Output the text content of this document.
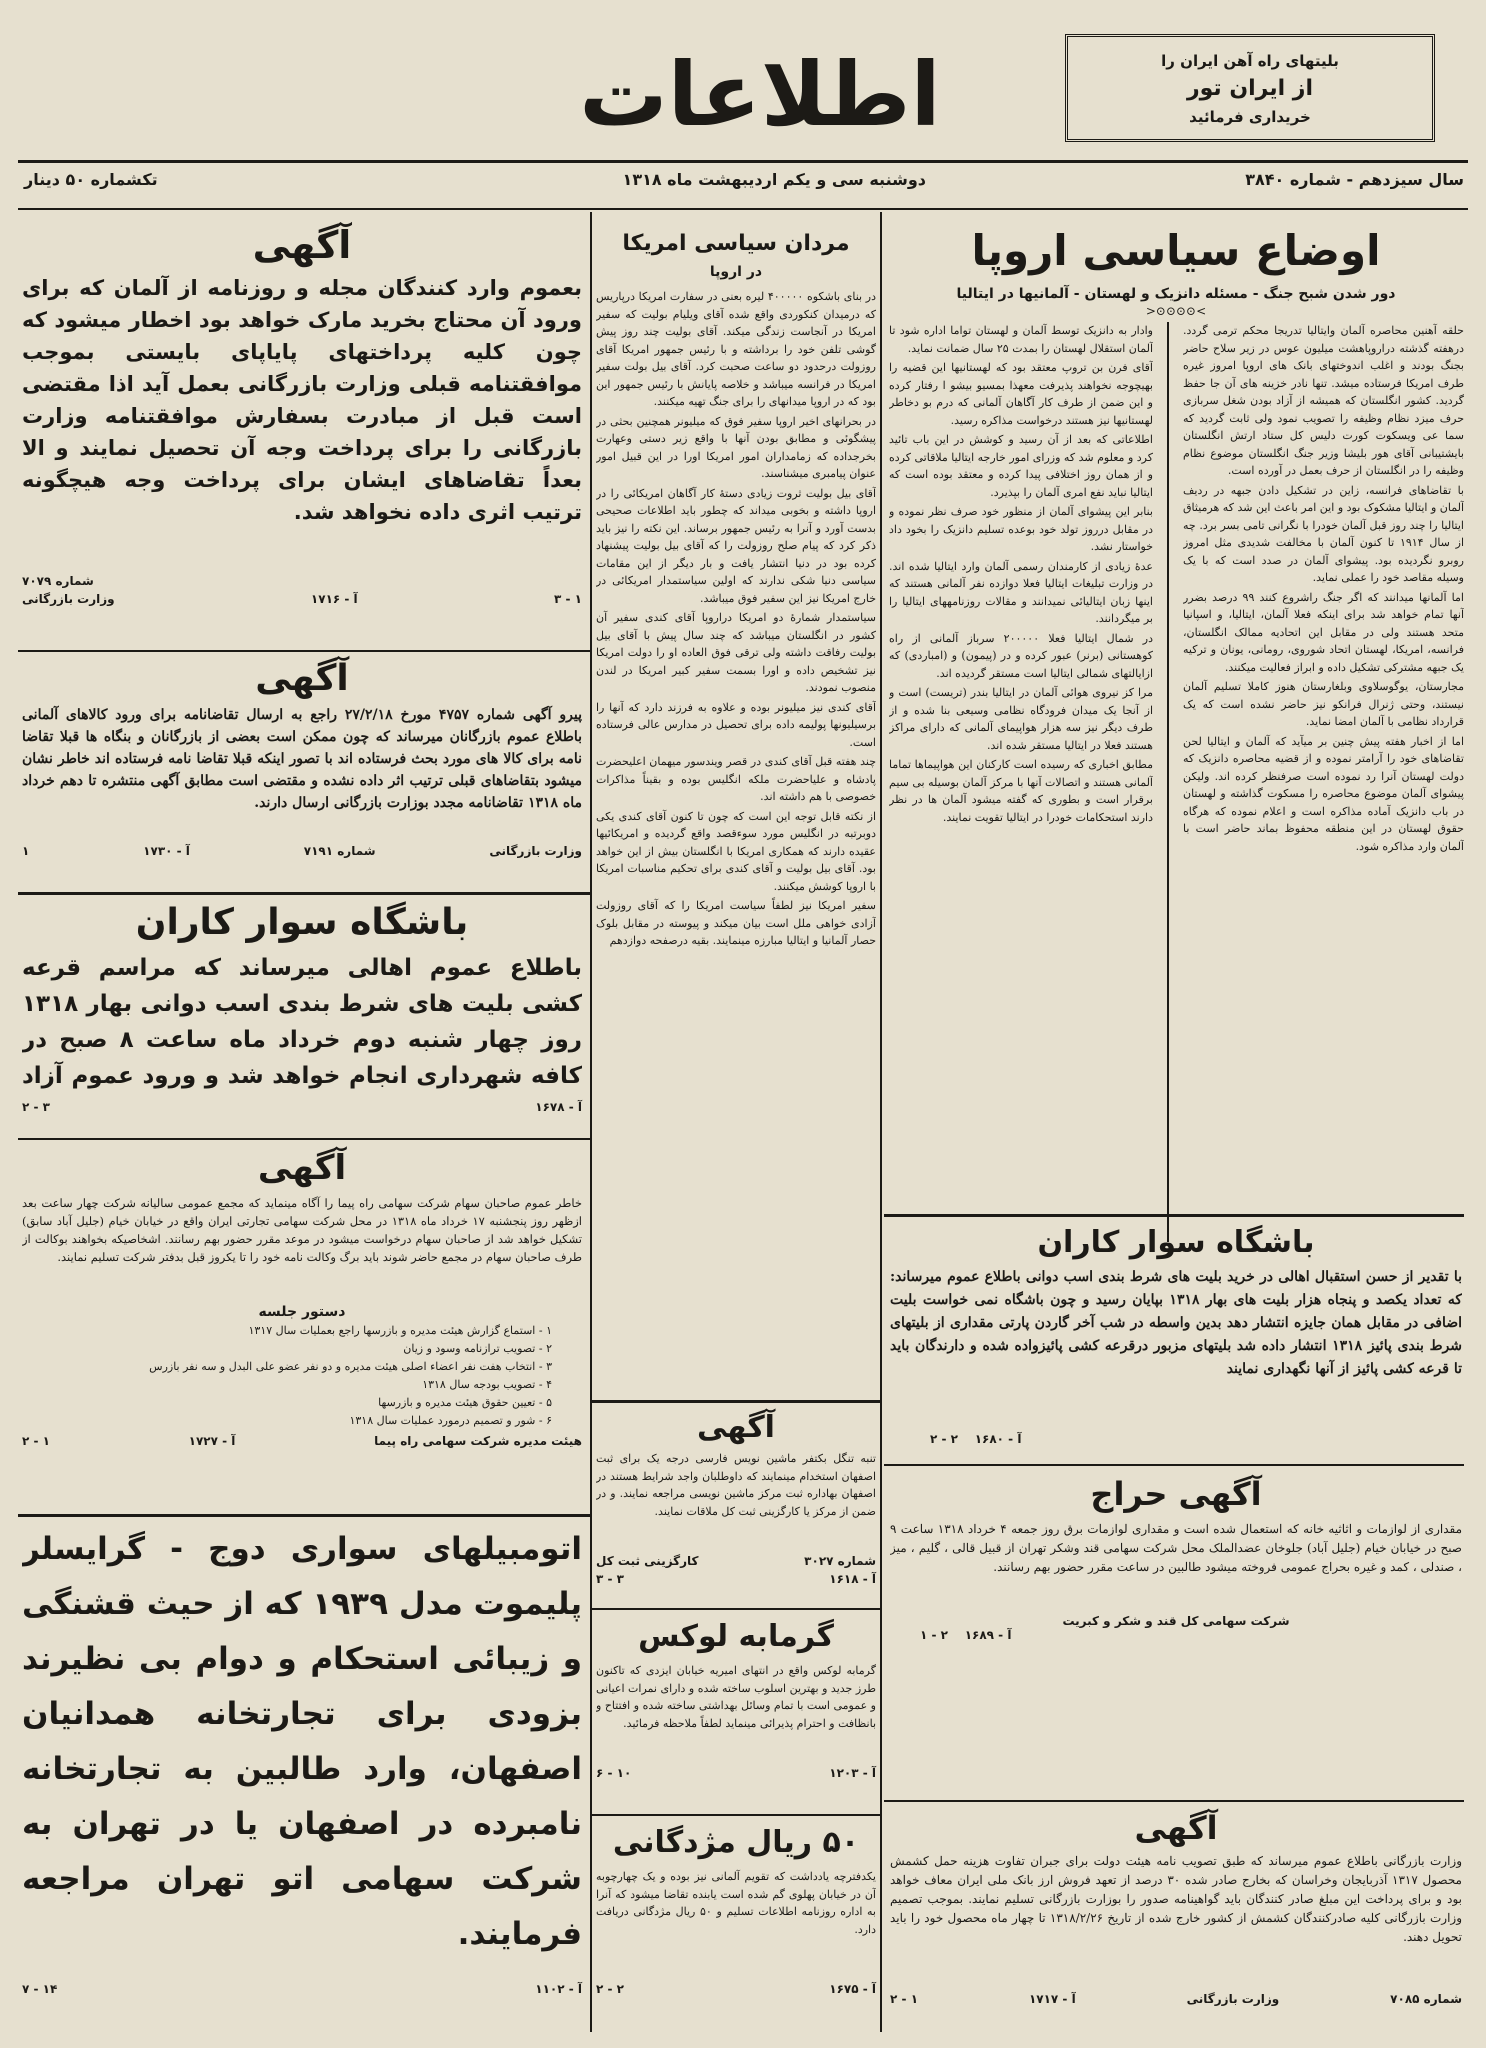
اطلاعات	بلیتهای راه آهن ایران را
از ایران تور
خریداری فرمائید
سال سیزدهم - شماره ۳۸۴۰
دوشنبه سی و یکم اردیبهشت ماه ۱۳۱۸
تکشماره ۵۰ دینار
اوضاع سیاسی اروپا
دور شدن شبح جنگ - مسئله دانزیک و لهستان - آلمانیها در ایتالیا
>⊙⊙⊙⊙<

حلقه آهنین محاصره آلمان وایتالیا تدریجا محکم ترمی گردد. درهفته گذشته دراروپاهشت میلیون عوس در زیر سلاح حاضر بجنگ بودند و اغلب اندوختهای بانک های اروپا امروز غیره طرف امریکا فرستاده میشد. تنها نادر خزینه های آن جا حفظ گردید. کشور انگلستان که همیشه از آزاد بودن شغل سربازی حرف میزد نظام وظیفه را تصویب نمود ولی ثابت گردید که سما عی ویسکوت کورت دلیس کل ستاد ارتش انگلستان بایشتیبانی آقای هور بلیشا وزیر جنگ انگلستان موضوع نظام وظیفه را در انگلستان از حرف بعمل در آورده است.

با تقاضاهای فرانسه، زاین در تشکیل دادن جبهه در ردیف آلمان و ایتالیا مشکوک بود و این امر باعث این شد که هرمیثاق ایتالیا را چند روز قبل آلمان خودرا با نگرانی تامی بسر برد. چه از سال ۱۹۱۴ تا کنون آلمان با مخالفت شدیدی مثل امروز روبرو نگردیده بود. پیشوای آلمان در صدد است که با یک وسیله مقاصد خود را عملی نماید.

اما آلمانها میدانند که اگر جنگ راشروع کنند ۹۹ درصد بضرر آنها تمام خواهد شد برای اینکه فعلا آلمان، ایتالیا، و اسپانیا متحد هستند ولی در مقابل این اتحادیه ممالک انگلستان، فرانسه، امریکا، لهستان اتحاد شوروی، رومانی، یونان و ترکیه یک جبهه مشترکی تشکیل داده و ابراز فعالیت میکنند.

مجارستان، یوگوسلاوی وبلغارستان هنوز کاملا تسلیم آلمان نیستند، وحتی ژنرال فرانکو نیز حاضر نشده است که یک قرارداد نظامی با آلمان امضا نماید.

اما از اخبار هفته پیش چنین بر میآید که آلمان و ایتالیا لحن تقاضاهای خود را آرامتر نموده و از قضیه محاصره دانزیک که دولت لهستان آنرا رد نموده است صرفنظر کرده اند. ولیکن پیشوای آلمان موضوع محاصره را مسکوت گذاشته و لهستان در باب دانزیک آماده مذاکره است و اعلام نموده که هرگاه حقوق لهستان در این منطقه محفوظ بماند حاضر است با آلمان وارد مذاکره شود.

وادار به دانزیک توسط آلمان و لهستان تواما اداره شود تا آلمان استقلال لهستان را بمدت ۲۵ سال ضمانت نماید.

آقای فرن بن تروپ معتقد بود که لهستانیها این قضیه را بهیچوجه نخواهند پذیرفت معهذا بمسیو بیشو ا رفتار کرده و این ضمن از طرف کار آگاهان آلمانی که درم بو دخاطر لهستانیها نیز هستند درخواست مذاکره رسید.

اطلاعاتی که بعد از آن رسید و کوشش در این باب تائید کرد و معلوم شد که وزرای امور خارجه ایتالیا ملاقاتی کرده و از همان روز اختلافی پیدا کرده و معتقد بوده است که ایتالیا نباید نفع امری آلمان را بپذیرد.

بنابر این پیشوای آلمان از منظور خود صرف نظر نموده و در مقابل درروز تولد خود بوعده تسلیم دانزیک را بخود داد خواستار نشد.

عدۀ زیادی از کارمندان رسمی آلمان وارد ایتالیا شده اند. در وزارت تبلیغات ایتالیا فعلا دوازده نفر آلمانی هستند که اینها زبان ایتالیائی نمیدانند و مقالات روزنامههای ایتالیا را بر میگردانند.

در شمال ایتالیا فعلا ۲۰۰۰۰۰ سرباز آلمانی از راه کوهستانی (برنر) عبور کرده و در (پیمون) و (امباردی) که ازایالتهای شمالی ایتالیا است مستقر گردیده اند.

مرا کز نیروی هوائی آلمان در ایتالیا بندر (تریست) است و از آنجا یک میدان فرودگاه نظامی وسیعی بنا شده و از طرف دیگر نیز سه هزار هواپیمای آلمانی که دارای مراکز هستند فعلا در ایتالیا مستقر شده اند.

مطابق اخباری که رسیده است کارکنان این هواپیماها تماما آلمانی هستند و اتصالات آنها با مرکز آلمان بوسیله بی سیم برقرار است و بطوری که گفته میشود آلمان ها در نظر دارند استحکامات خودرا در ایتالیا تقویت نمایند.

باشگاه سوار کاران
با تقدیر از حسن استقبال اهالی در خرید بلیت های شرط بندی اسب دوانی باطلاع عموم میرساند: که تعداد یکصد و پنجاه هزار بلیت های بهار ۱۳۱۸ بپایان رسید و چون باشگاه نمی خواست بلیت اضافی در مقابل همان جایزه انتشار دهد بدین واسطه در شب آخر گاردن پارتی مقداری از بلیتهای شرط بندی پائیز ۱۳۱۸ انتشار داده شد بلیتهای مزبور درقرعه کشی پائیزواده شده و دارندگان باید تا قرعه کشی پائیز از آنها نگهداری نمایند
۲ - ۲ آ - ۱۶۸۰
آگهی حراج
مقداری از لوازمات و اثاثیه خانه که استعمال شده است و مقداری لوازمات برق روز جمعه ۴ خرداد ۱۳۱۸ ساعت ۹ صبح در خیابان خیام (جلیل آباد) جلوخان عضدالملک محل شرکت سهامی قند وشکر تهران از قبیل قالی ، گلیم ، میز ، صندلی ، کمد و غیره بحراج عمومی فروخته میشود طالبین در ساعت مقرر حضور بهم رسانند.
شرکت سهامی کل قند و شکر و کبریت
۱ - ۲ آ - ۱۶۸۹
آگهی
وزارت بازرگانی باطلاع عموم میرساند که طبق تصویب نامه هیئت دولت برای جبران تفاوت هزینه حمل کشمش محصول ۱۳۱۷ آذربایجان وخراسان که بخارج صادر شده ۳۰ درصد از تعهد فروش ارز بانک ملی ایران معاف خواهد بود و برای پرداخت این مبلغ صادر کنندگان باید گواهینامه صدور را بوزارت بازرگانی تسلیم نمایند. بموجب تصمیم وزارت بازرگانی کلیه صادرکنندگان کشمش از کشور خارج شده از تاریخ ۱۳۱۸/۲/۲۶ تا چهار ماه محصول خود را باید تحویل دهند.
شماره ۷۰۸۵
وزارت بازرگانی
آ - ۱۷۱۷
۱ - ۲
مردان سیاسی امریکا
در اروپا

در بنای باشکوه ۴۰۰۰۰۰ لیره بعنی در سفارت امریکا درپاریس که درمیدان کنکوردی واقع شده آقای ویلیام بولیت که سفیر امریکا در آنجاست زندگی میکند. آقای بولیت چند روز پیش گوشی تلفن خود را برداشته و با رئیس جمهور امریکا آقای روزولت درحدود دو ساعت صحبت کرد. آقای بیل بولت سفیر امریکا در فرانسه میباشد و خلاصه پایانش با رئیس جمهور این بود که در اروپا میدانهای را برای جنگ تهیه میکنند.

در بحرانهای اخیر اروپا سفیر فوق که میلیونر همچنین بحثی در پیشگوئی و مطابق بودن آنها با واقع زیر دستی وعهارت بخرجداده که زمامداران امور امریکا اورا در این قبیل امور عنوان پیامبری میشناسند.

آقای بیل بولیت ثروت زیادی دستهٔ کار آگاهان امریکائی را در اروپا داشته و بخوبی میداند که چطور باید اطلاعات صحیحی بدست آورد و آنرا به رئیس جمهور برساند. این نکته را نیز باید ذکر کرد که پیام صلح روزولت را که آقای بیل بولیت پیشنهاد کرده بود در دنیا انتشار یافت و بار دیگر از این مقامات سیاسی دنیا شکی ندارند که اولین سیاستمدار امریکائی در خارج امریکا نیز این سفیر فوق میباشد.

سیاستمدار شمارۀ دو امریکا دراروپا آقای کندی سفیر آن کشور در انگلستان میباشد که چند سال پیش با آقای بیل بولیت رفاقت داشته ولی ترقی فوق العاده او را دولت امریکا نیز تشخیص داده و اورا بسمت سفیر کبیر امریکا در لندن منصوب نمودند.

آقای کندی نیز میلیونر بوده و علاوه به فرزند دارد که آنها را برسیلیونها پولیمه داده برای تحصیل در مدارس عالی فرستاده است.

چند هفته قبل آقای کندی در قصر ویندسور میهمان اعلیحضرت پادشاه و علیاحضرت ملکه انگلیس بوده و بقیناً مذاکرات خصوصی با هم داشته اند.

از نکته قابل توجه این است که چون تا کنون آقای کندی یکی دوبرتبه در انگلیس مورد سوءقصد واقع گردیده و امریکائیها عقیده دارند که همکاری امریکا با انگلستان بیش از این خواهد بود. آقای بیل بولیت و آقای کندی برای تحکیم مناسبات امریکا با اروپا کوشش میکنند.

سفیر امریکا نیز لطفاً سیاست امریکا را که آقای روزولت آزادی خواهی ملل است بیان میکند و پیوسته در مقابل بلوک حصار آلمانیا و ایتالیا مبارزه مینمایند. بقیه درصفحه دوازدهم

آگهی
تنبه تنگل بکتفر ماشین نویس فارسی درجه یک برای ثبت اصفهان استخدام مینمایند که داوطلبان واجد شرایط هستند در اصفهان بهاداره ثبت مرکز ماشین نویسی مراجعه نمایند. و در ضمن از مرکز یا کارگزینی ثبت کل ملاقات نمایند.
شماره ۳۰۲۷
کارگزینی ثبت کل
آ - ۱۶۱۸
۳ - ۳
گرمابه لوکس
گرمابه لوکس واقع در انتهای امیریه خیابان ایزدی که تاکنون طرز جدید و بهترین اسلوب ساخته شده و دارای نمرات اعیانی و عمومی است با تمام وسائل بهداشتی ساخته شده و افتتاح و بانظافت و احترام پذیرائی مینماید لطفاً ملاحظه فرمائید.
۶ - ۱۰	آ - ۱۲۰۳
۵۰ ریال مژدگانی
یکدفترچه یادداشت که تقویم آلمانی نیز بوده و یک چهارچوبه آن در خیابان پهلوی گم شده است یابنده تقاضا میشود که آنرا به اداره روزنامه اطلاعات تسلیم و ۵۰ ریال مژدگانی دریافت دارد.
۲ - ۲	آ - ۱۶۷۵
آگهی
بعموم وارد کنندگان مجله و روزنامه از آلمان که برای ورود آن محتاج بخرید مارک خواهد بود اخطار میشود که چون کلیه پرداختهای پایاپای بایستی بموجب موافقتنامه قبلی وزارت بازرگانی بعمل آید اذا مقتضی است قبل از مبادرت بسفارش موافقتنامه وزارت بازرگانی را برای پرداخت وجه آن تحصیل نمایند و الا بعداً تقاضاهای ایشان برای پرداخت وجه هیچگونه ترتیب اثری داده نخواهد شد.
شماره ۷۰۷۹
۱ - ۳
آ - ۱۷۱۶
وزارت بازرگانی
آگهی
پیرو آگهی شماره ۴۷۵۷ مورخ ۲۷/۲/۱۸ راجع به ارسال تقاضانامه برای ورود کالاهای آلمانی باطلاع عموم بازرگانان میرساند که چون ممکن است بعضی از بازرگانان و بنگاه ها قبلا تقاضا نامه برای کالا های مورد بحث فرستاده اند با تصور اینکه قبلا تقاضا نامه فرستاده اند خاطر نشان میشود بتقاضاهای قبلی ترتیب اثر داده نشده و مقتضی است مطابق آگهی منتشره تا دهم خرداد ماه ۱۳۱۸ تقاضانامه مجدد بوزارت بازرگانی ارسال دارند.
وزارت بازرگانی
شماره ۷۱۹۱
آ - ۱۷۳۰
۱
باشگاه سوار کاران
باطلاع عموم اهالی میرساند که مراسم قرعه کشی بلیت های شرط بندی اسب دوانی بهار ۱۳۱۸ روز چهار شنبه دوم خرداد ماه ساعت ۸ صبح در کافه شهرداری انجام خواهد شد و ورود عموم آزاد
۲ - ۳	آ - ۱۶۷۸
آگهی
خاطر عموم صاحبان سهام شرکت سهامی راه پیما را آگاه مینماید که مجمع عمومی سالیانه شرکت چهار ساعت بعد ازظهر روز پنجشنبه ۱۷ خرداد ماه ۱۳۱۸ در محل شرکت سهامی تجارتی ایران واقع در خیابان خیام (جلیل آباد سابق) تشکیل خواهد شد از صاحبان سهام درخواست میشود در موعد مقرر حضور بهم رسانند. اشخاصیکه بخواهند بوکالت از طرف صاحبان سهام در مجمع حاضر شوند باید برگ وکالت نامه خود را تا یکروز قبل بدفتر شرکت تسلیم نمایند.
دستور جلسه
۱ - استماع گزارش هیئت مدیره و بازرسها راجع بعملیات سال ۱۳۱۷
۲ - تصویب ترازنامه وسود و زیان
۳ - انتخاب هفت نفر اعضاء اصلی هیئت مدیره و دو نفر عضو علی البدل و سه نفر بازرس
۴ - تصویب بودجه سال ۱۳۱۸
۵ - تعیین حقوق هیئت مدیره و بازرسها
۶ - شور و تصمیم درمورد عملیات سال ۱۳۱۸
هیئت مدیره شرکت سهامی راه پیما
آ - ۱۷۲۷
۱ - ۲
اتومبیلهای سواری دوج - گرایسلر پلیموت مدل ۱۹۳۹ که از حیث قشنگی و زیبائی استحکام و دوام بی نظیرند بزودی برای تجارتخانه همدانیان اصفهان، وارد طالبین به تجارتخانه نامبرده در اصفهان یا در تهران به شرکت سهامی اتو تهران مراجعه فرمایند.
۷ - ۱۴	آ - ۱۱۰۲
